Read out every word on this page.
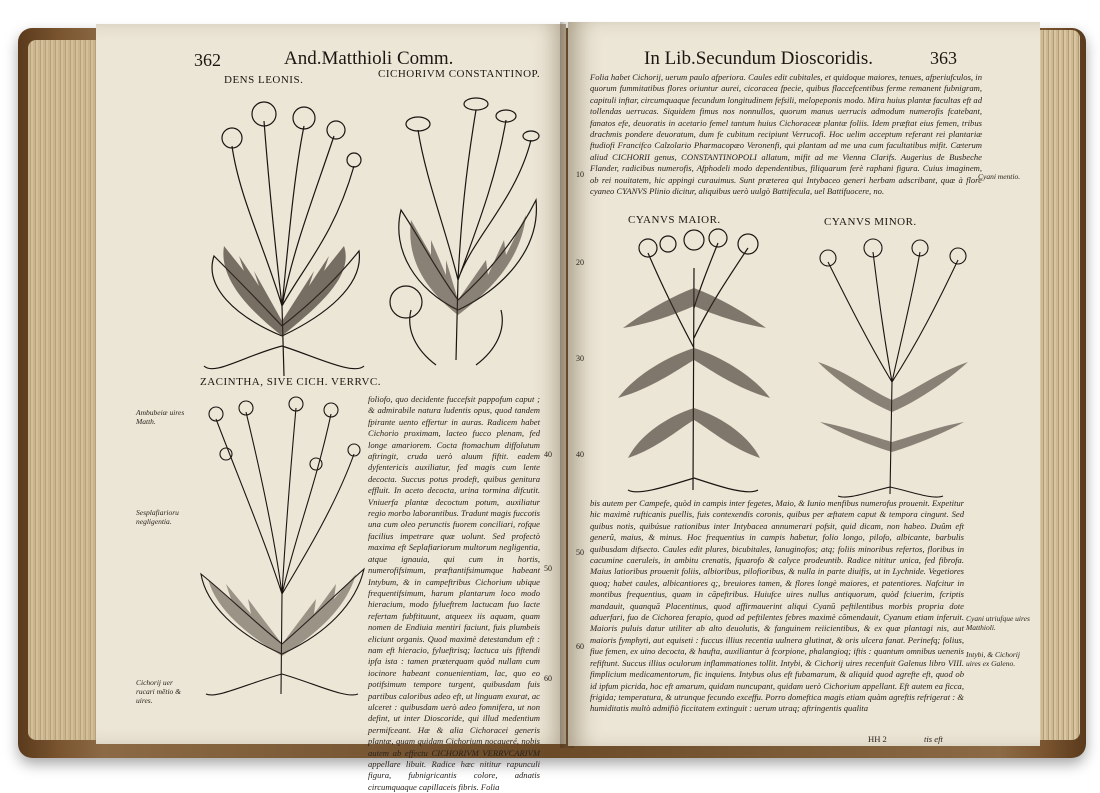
362	And.Matthioli Comm.
DENS LEONIS.	CICHORIVM CONSTANTINOP.
ZACINTHA, SIVE CICH. VERRVC.
Ambubeiæ uires Matth.
Sesplafiarioru negligentia.
Cichorij uer rucari mētio & uires.
40
50
60

foliofo, quo decidente fuccefsit pappofum caput ; & admirabile natura ludentis opus, quod tandem fpirante uento effertur in auras. Radicem habet Cichorio proximam, lacteo fucco plenam, fed longe amariorem. Cocta ftomachum diffolutum aftringit, cruda uerò aluum fiftit. eadem dyfentericis auxiliatur, fed magis cum lente decocta. Succus potus prodeft, quibus genitura effluit. In aceto decocta, urina tormina difcutit. Vniuerfa plantæ decoctum potum, auxiliatur regio morbo laborantibus. Tradunt magis fuccotis una cum oleo perunctis fuorem conciliari, rofque facilius impetrare quæ uolunt. Sed profectò maxima eft Seplafiariorum multorum negligentia, atque ignauia, qui cum in hortis, numerofifsimum, præftantifsimumque habeant Intybum, & in campeftribus Cichorium ubique frequentifsimum, harum plantarum loco modo hieracium, modo fylueftrem lactucam fuo lacte refertam fubftituunt, atqueex iis aquam, quam nomen de Endiuia mentiri faciunt, fuis plumbeis eliciunt organis. Quod maximè detestandum eft : nam eft hieracio, fylueftrisq; lactuca uis fiftendi ipfa ista : tamen præterquam quòd nullam cum iocinore habeant conuenientiam, lac, quo eo potifsimum tempore turgent, quibusdam fuis partibus caloribus adeo eft, ut linguam exurat, ac ulceret : quibusdam uerò adeo fomnifera, ut non defint, ut inter Dioscoride, qui illud medentium permifceant. Hæ & alia Cichoracei generis plantæ, quam quidam Cichorium nocaueré, nobis autem ab effectu CICHORIVM VERRVCARIVM appellare libuit. Radice hæc nititur rapunculi figura, fubnigricantis colore, adnatis circumquaque capillaceis fibris. Folia

In Lib.Secundum Dioscoridis.	363

Folia habet Cichorij, uerum paulo afperiora. Caules edit cubitales, et quidoque maiores, tenues, afperiufculos, in quorum fummitatibus flores oriuntur aurei, cicoracea fpecie, quibus flaccefcentibus ferme remanent fubnigram, capituli inftar, circumquaque fecundum longitudinem fefsili, melopeponis modo. Mira huius plantæ facultas eft ad tollendas uerrucas. Siquidem fimus nos nonnullos, quorum manus uerrucis admodum numerofis fcatebant, fanatos efe, deuoratis in acetario femel tantum huius Cichoraceæ plantæ foliis. Idem præftat eius femen, tribus drachmis pondere deuoratum, dum fe cubitum recipiunt Verrucofi. Hoc uelim acceptum referant rei plantariæ ftudiofi Francifco Calzolario Pharmacopæo Veronenfi, qui plantam ad me una cum facultatibus mifit. Cæterum aliud CICHORII genus, CONSTANTINOPOLI allatum, mifit ad me Vienna Clarifs. Augerius de Busbeche Flander, radicibus numerofis, Afphodeli modo dependentibus, filiquarum ferè raphani figura. Cuius imaginem, ob rei nouitatem, hic appingi curauimus. Sunt præterea qui Intybaceo generi herbam adscribant, quæ à flore cyaneo CYANVS Plinio dicitur, aliquibus uerò uulgò Battifecula, uel Battifuocere, no.

Cyani mentio.
10
20
30
40
50
60
CYANVS MAIOR.	CYANVS MINOR.

bis autem per Campefe, quòd in campis inter fegetes, Maio, & Iunio menfibus numerofus prouenit. Expetitur hic maximè rufticanis puellis, fuis contexendis coronis, quibus per æftatem caput & tempora cingunt. Sed quibus notis, quibúsue rationibus inter Intybacea annumerari pofsit, quid dicam, non habeo. Duûm eft generû, maius, & minus. Hoc frequentius in campis habetur, folio longo, pilofo, albicante, barbulis quibusdam difsecto. Caules edit plures, bicubitales, lanuginofos; atq; foliis minoribus refertos, floribus in cacumine caeruleis, in ambitu crenatis, fquarofo & calyce prodeuntib. Radice nititur unica, fed fibrofa. Maius latioribus prouenit foliis, albioribus, pilofioribus, & nulla in parte diuifis, ut in Lychnide. Vegetiores quoq; habet caules, albicantiores q;, breuiores tamen, & flores longè maiores, et patentiores. Nafcitur in montibus frequentius, quam in cāpeftribus. Huiufce uires nullus antiquorum, quòd fciuerim, fcriptis mandauit, quanquā Placentinus, quod affirmauerint aliqui Cyanū peftilentibus morbis propria dote aduerfari, fuo de Cichorea ferapio, quod ad peftilentes febres maximè cōmendauit, Cyanum etiam inferuit. Maioris puluis datur utiliter ab alto deuolutis, & fanguinem reiicientibus, & ex quæ plantagi nis, aut maioris fymphyti, aut equiseti : fuccus illius recentia uulnera glutinat, & oris ulcera fanat. Perinefq; folius, fiue femen, ex uino decocta, & haufta, auxiliantur à fcorpione, phalangioq; iftis : quantum omnibus uenenis refiftunt. Succus illius oculorum inflammationes tollit. Intybi, & Cichorij uires recenfuit Galenus libro VIII. fimplicium medicamentorum, fic inquiens. Intybus olus eft fubamarum, & aliquid quod agrefte eft, quod ob id ipfum picrida, hoc eft amarum, quidam nuncupant, quidam uerò Cichorium appellant. Eft autem ea ficca, frigida; temperatura, & utrunque fecundo exceffu. Porro domeftica magis etiam quàm agreftis refrigerat : & humiditatis multò admifiò ficcitatem extinguit : uerum utraq; aftringentis qualita

Cyani utriufque uires Matthioli.
Intybi, & Cichorij uires ex Galeno.
HH 2	tis eft
